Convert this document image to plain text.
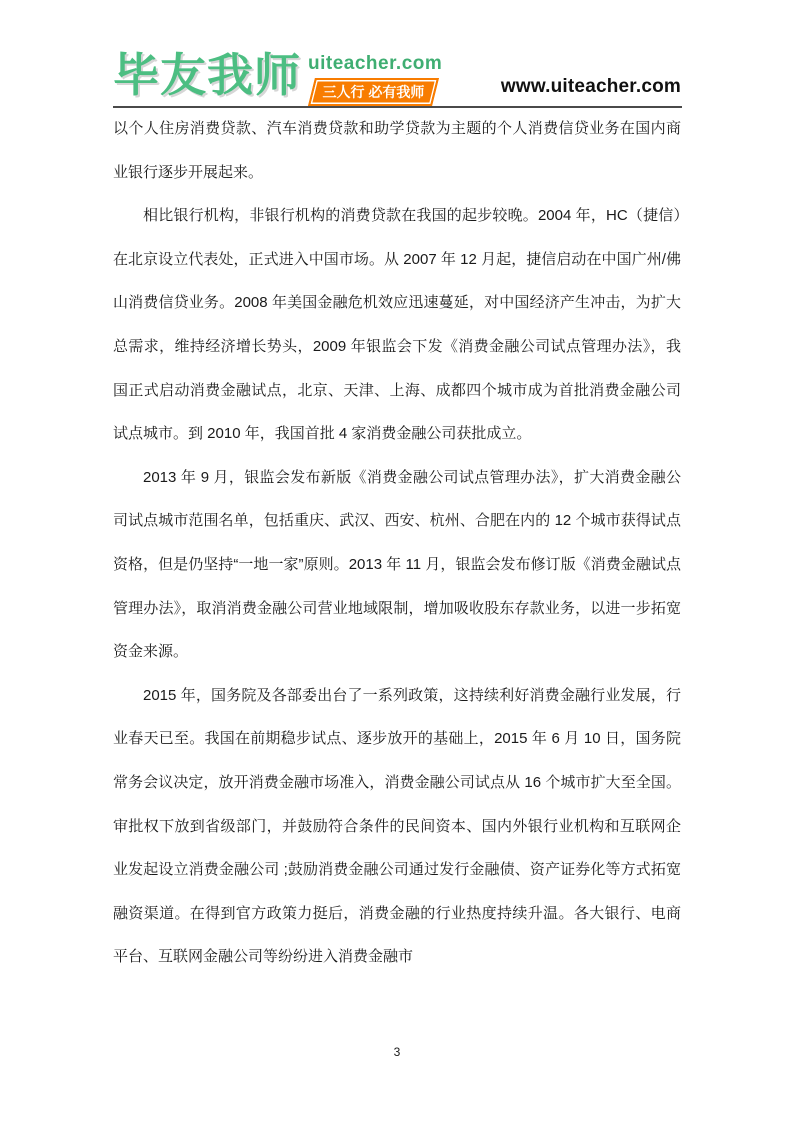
毕友我师 uiteacher.com
三人行 必有我师	www.uiteacher.com

以个人住房消费贷款、汽车消费贷款和助学贷款为主题的个人消费信贷业务在国内商业银行逐步开展起来。

相比银行机构，非银行机构的消费贷款在我国的起步较晚。2004 年，HC（捷信）在北京设立代表处，正式进入中国市场。从 2007 年 12 月起，捷信启动在中国广州/佛山消费信贷业务。2008 年美国金融危机效应迅速蔓延，对中国经济产生冲击，为扩大总需求，维持经济增长势头，2009 年银监会下发《消费金融公司试点管理办法》，我国正式启动消费金融试点，北京、天津、上海、成都四个城市成为首批消费金融公司试点城市。到 2010 年，我国首批 4 家消费金融公司获批成立。

2013 年 9 月，银监会发布新版《消费金融公司试点管理办法》，扩大消费金融公司试点城市范围名单，包括重庆、武汉、西安、杭州、合肥在内的 12 个城市获得试点资格，但是仍坚持“一地一家”原则。2013 年 11 月，银监会发布修订版《消费金融试点管理办法》，取消消费金融公司营业地域限制，增加吸收股东存款业务，以进一步拓宽资金来源。

2015 年，国务院及各部委出台了一系列政策，这持续利好消费金融行业发展，行业春天已至。我国在前期稳步试点、逐步放开的基础上，2015 年 6 月 10 日，国务院常务会议决定，放开消费金融市场准入，消费金融公司试点从 16 个城市扩大至全国。审批权下放到省级部门，并鼓励符合条件的民间资本、国内外银行业机构和互联网企业发起设立消费金融公司 ;鼓励消费金融公司通过发行金融债、资产证券化等方式拓宽融资渠道。在得到官方政策力挺后，消费金融的行业热度持续升温。各大银行、电商平台、互联网金融公司等纷纷进入消费金融市

3
